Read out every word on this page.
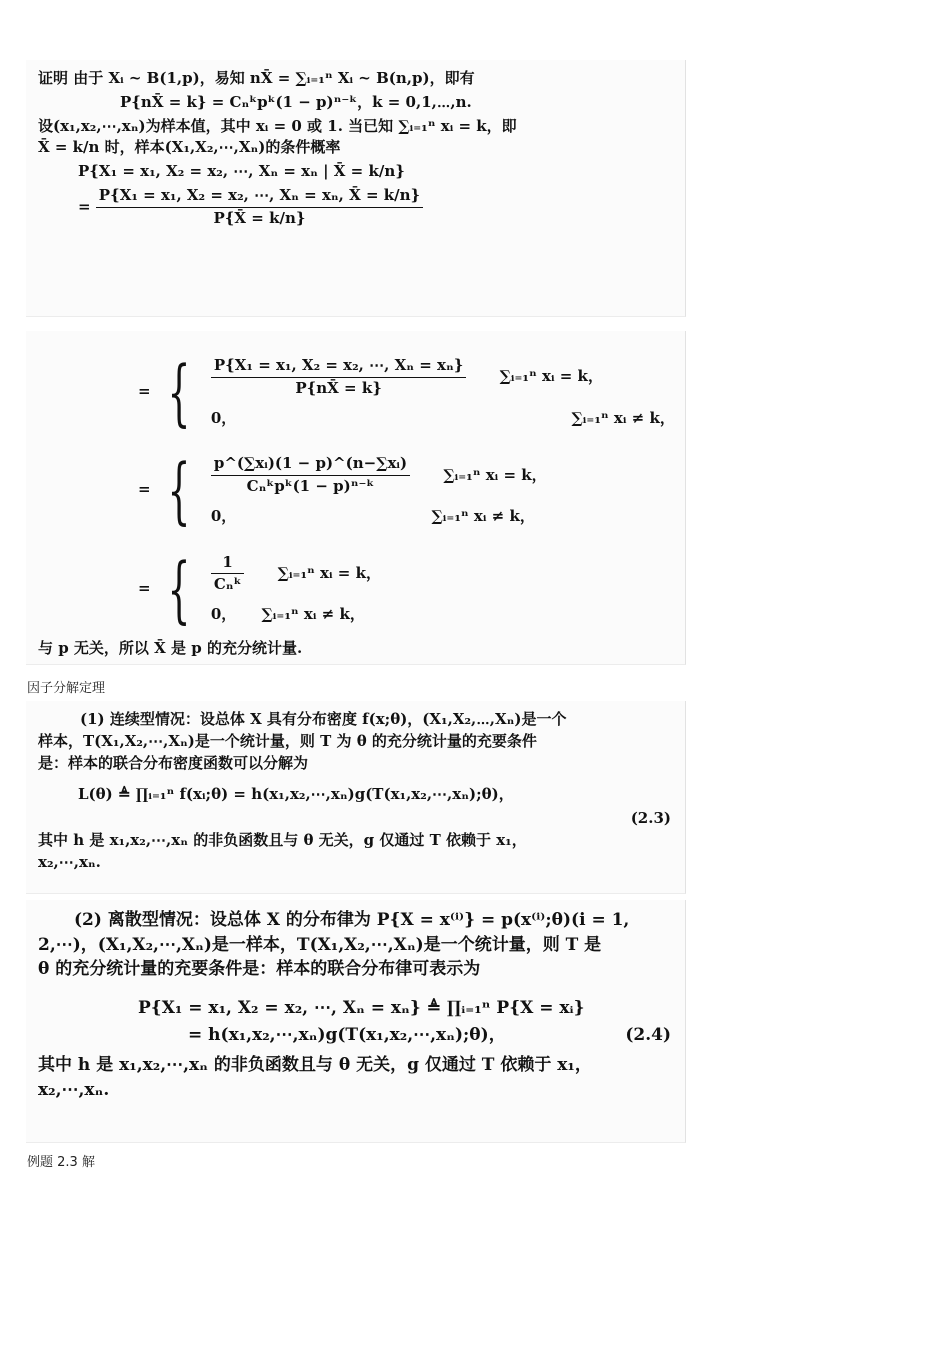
证明 由于 Xᵢ ~ B(1,p)，易知 nX̄ = ∑ᵢ₌₁ⁿ Xᵢ ~ B(n,p)，即有
P{nX̄ = k} = Cₙᵏpᵏ(1 − p)ⁿ⁻ᵏ，k = 0,1,⋯,n.
设(x₁,x₂,⋯,xₙ)为样本值，其中 xᵢ = 0 或 1. 当已知 ∑ᵢ₌₁ⁿ xᵢ = k，即
X̄ = k/n 时，样本(X₁,X₂,⋯,Xₙ)的条件概率
P{X₁ = x₁, X₂ = x₂, ⋯, Xₙ = xₙ | X̄ = k/n}
= $\frac{\text{P\{X₁ = x₁, X₂ = x₂, ⋯, Xₙ = xₙ, X̄ = k/n\}}}{P\{X̄ = k/n\}}$
= { $\frac{\text{P\{X₁ = x₁, X₂ = x₂, ⋯, Xₙ = xₙ\}}}{P\{nX̄ = k\}}$ ∑ᵢ₌₁ⁿ xᵢ = k，
0，	∑ᵢ₌₁ⁿ xᵢ ≠ k，
= { $\frac{\text{p\textasciicircum{}(∑xᵢ)(1 − p)\textasciicircum{}(n−∑xᵢ)}}{\text{Cₙᵏpᵏ(1 − p)ⁿ⁻ᵏ}}$ ∑ᵢ₌₁ⁿ xᵢ = k，
0，	∑ᵢ₌₁ⁿ xᵢ ≠ k，
= { $\frac{1}{\text{Cₙᵏ}}$ ∑ᵢ₌₁ⁿ xᵢ = k，
0， ∑ᵢ₌₁ⁿ xᵢ ≠ k，
与 p 无关，所以 X̄ 是 p 的充分统计量.
因子分解定理
(1) 连续型情况：设总体 X 具有分布密度 f(x;θ)，(X₁,X₂,⋯,Xₙ)是一个
样本，T(X₁,X₂,⋯,Xₙ)是一个统计量，则 T 为 θ 的充分统计量的充要条件
是：样本的联合分布密度函数可以分解为
L(θ) ≜ ∏ᵢ₌₁ⁿ f(xᵢ;θ) = h(x₁,x₂,⋯,xₙ)g(T(x₁,x₂,⋯,xₙ);θ)，
(2.3)
其中 h 是 x₁,x₂,⋯,xₙ 的非负函数且与 θ 无关，g 仅通过 T 依赖于 x₁，
x₂,⋯,xₙ.
(2) 离散型情况：设总体 X 的分布律为 P{X = x⁽ⁱ⁾} = p(x⁽ⁱ⁾;θ)(i = 1,
2,⋯)，(X₁,X₂,⋯,Xₙ)是一样本，T(X₁,X₂,⋯,Xₙ)是一个统计量，则 T 是
θ 的充分统计量的充要条件是：样本的联合分布律可表示为
P{X₁ = x₁, X₂ = x₂, ⋯, Xₙ = xₙ} ≜ ∏ᵢ₌₁ⁿ P{X = xᵢ}
= h(x₁,x₂,⋯,xₙ)g(T(x₁,x₂,⋯,xₙ);θ)，	(2.4)
其中 h 是 x₁,x₂,⋯,xₙ 的非负函数且与 θ 无关，g 仅通过 T 依赖于 x₁，
x₂,⋯,xₙ.
例题 2.3 解
